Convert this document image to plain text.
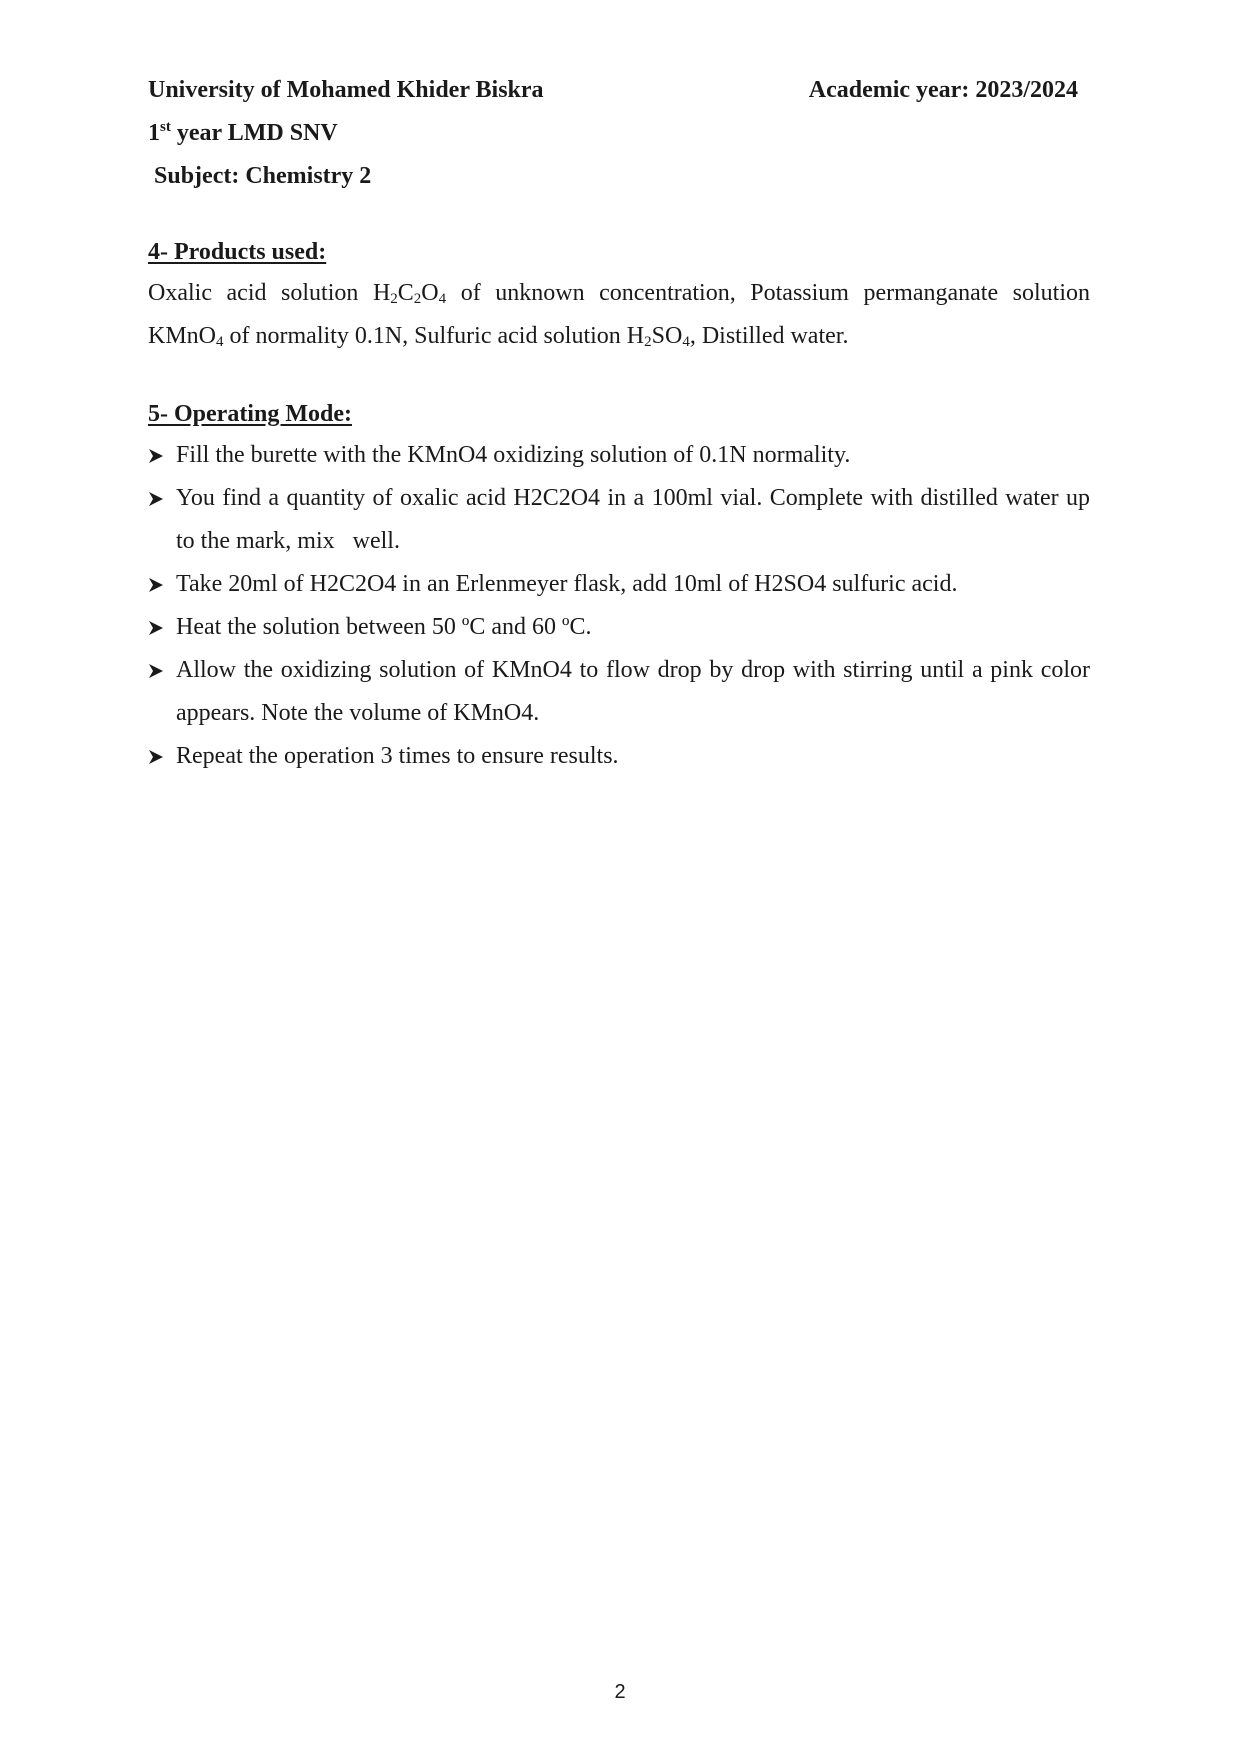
University of Mohamed Khider Biskra	Academic year: 2023/2024
1st year LMD SNV
Subject: Chemistry 2
4- Products used:
Oxalic acid solution $H_2C_2O_4$ of unknown concentration, Potassium permanganate solution KMnO$_4$ of normality 0.1N, Sulfuric acid solution $H_2SO_4$, Distilled water.
5- Operating Mode:
Fill the burette with the KMnO4 oxidizing solution of 0.1N normality.
You find a quantity of oxalic acid H2C2O4 in a 100ml vial. Complete with distilled water up to the mark, mix   well.
Take 20ml of H2C2O4 in an Erlenmeyer flask, add 10ml of H2SO4 sulfuric acid.
Heat the solution between 50 ºC and 60 ºC.
Allow the oxidizing solution of KMnO4 to flow drop by drop with stirring until a pink color appears. Note the volume of KMnO4.
Repeat the operation 3 times to ensure results.
2
